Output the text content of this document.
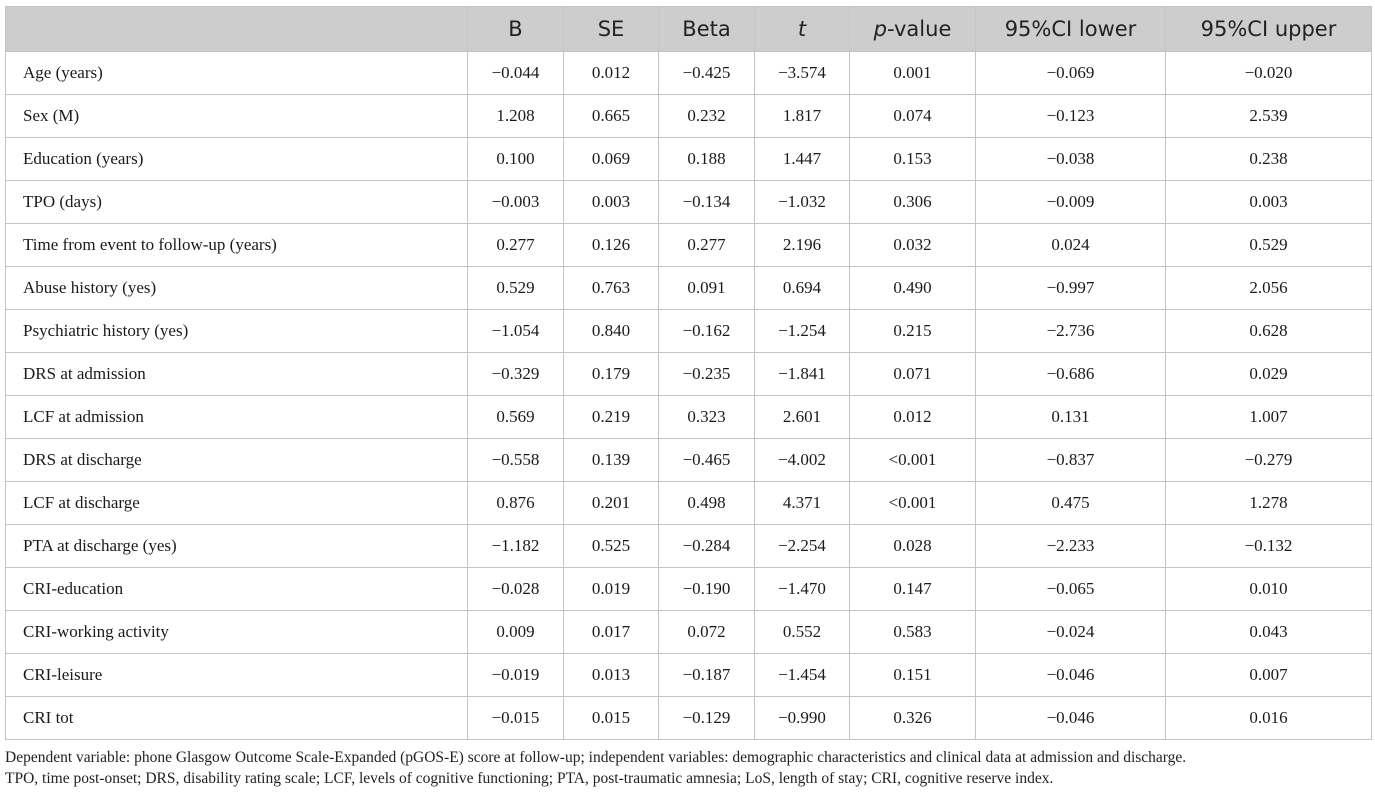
	B	SE	Beta	t	p-value	95%CI lower	95%CI upper
Age (years)	−0.044	0.012	−0.425	−3.574	0.001	−0.069	−0.020
Sex (M)	1.208	0.665	0.232	1.817	0.074	−0.123	2.539
Education (years)	0.100	0.069	0.188	1.447	0.153	−0.038	0.238
TPO (days)	−0.003	0.003	−0.134	−1.032	0.306	−0.009	0.003
Time from event to follow-up (years)	0.277	0.126	0.277	2.196	0.032	0.024	0.529
Abuse history (yes)	0.529	0.763	0.091	0.694	0.490	−0.997	2.056
Psychiatric history (yes)	−1.054	0.840	−0.162	−1.254	0.215	−2.736	0.628
DRS at admission	−0.329	0.179	−0.235	−1.841	0.071	−0.686	0.029
LCF at admission	0.569	0.219	0.323	2.601	0.012	0.131	1.007
DRS at discharge	−0.558	0.139	−0.465	−4.002	<0.001	−0.837	−0.279
LCF at discharge	0.876	0.201	0.498	4.371	<0.001	0.475	1.278
PTA at discharge (yes)	−1.182	0.525	−0.284	−2.254	0.028	−2.233	−0.132
CRI-education	−0.028	0.019	−0.190	−1.470	0.147	−0.065	0.010
CRI-working activity	0.009	0.017	0.072	0.552	0.583	−0.024	0.043
CRI-leisure	−0.019	0.013	−0.187	−1.454	0.151	−0.046	0.007
CRI tot	−0.015	0.015	−0.129	−0.990	0.326	−0.046	0.016
Dependent variable: phone Glasgow Outcome Scale-Expanded (pGOS-E) score at follow-up; independent variables: demographic characteristics and clinical data at admission and discharge.
TPO, time post-onset; DRS, disability rating scale; LCF, levels of cognitive functioning; PTA, post-traumatic amnesia; LoS, length of stay; CRI, cognitive reserve index.
